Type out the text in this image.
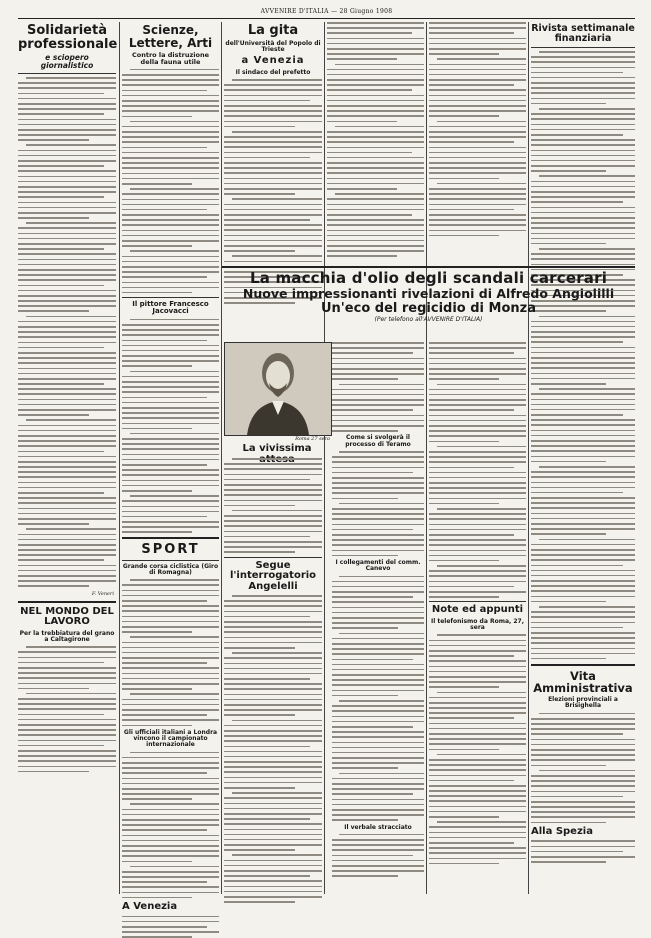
AVVENIRE D'ITALIA — 28 Giugno 1908
Solidarietà professionale
e sciopero giornalistico
F. Veneri
NEL MONDO DEL LAVORO
Per la trebbiatura del grano a Caltagirone
Scienze, Lettere, Arti
Contro la distruzione della fauna utile
Il pittore Francesco Jacovacci
SPORT
Grande corsa ciclistica (Giro di Romagna)
Gli ufficiali italiani a Londra vincono il campionato internazionale
A Venezia
La gita
dell'Università del Popolo di Trieste
a Venezia
Il sindaco del prefetto
Rivista settimanale finanziaria
La macchia d'olio degli scandali carcerari
Nuove impressionanti rivelazioni di Alfredo Angiolilli
Un'eco del regicidio di Monza
(Per telefono all'AVVENIRE D'ITALIA)
Roma 27 sera
La vivissima
Segue l'interrogatorio Angelelli
Come si svolgerà il processo di Teramo
I collegamenti del comm. Canevo
Il verbale stracciato
Note ed appunti
Il telefonismo da Roma, 27, sera
Vita Amministrativa
Elezioni provinciali a Brisighella
Alla Spezia
